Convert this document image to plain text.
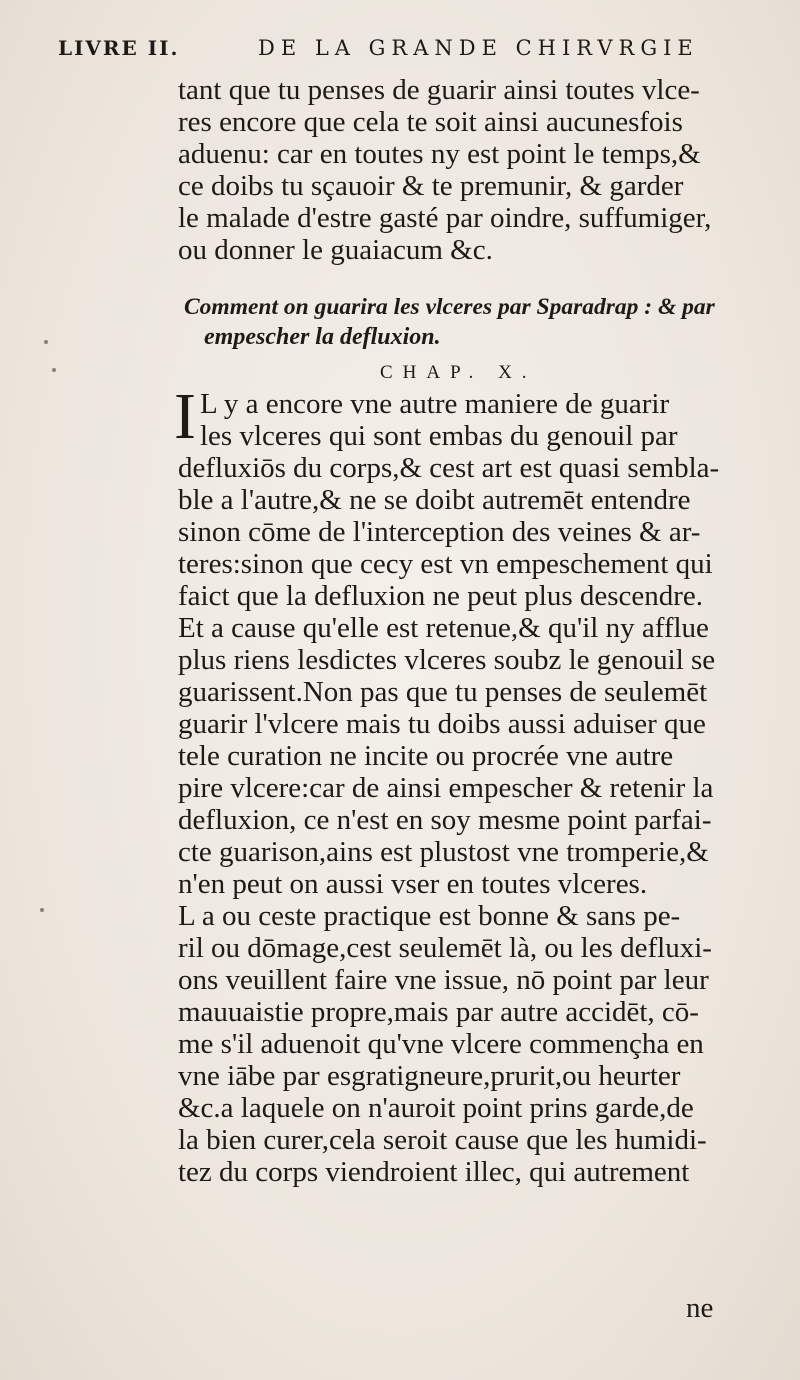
LIVRE II.	DE LA GRANDE CHIRVRGIE
tant que tu penses de guarir ainsi toutes vlce-
res encore que cela te soit ainsi aucunesfois
aduenu: car en toutes ny est point le temps,&
ce doibs tu sçauoir & te premunir, & garder
le malade d'estre gasté par oindre, suffumiger,
ou donner le guaiacum &c.
Comment on guarira les vlceres par Sparadrap : & par
empescher la defluxion.
CHAP. X.
I L y a encore vne autre maniere de guarir
les vlceres qui sont embas du genouil par
defluxiōs du corps,& cest art est quasi sembla-
ble a l'autre,& ne se doibt autremēt entendre
sinon cōme de l'interception des veines & ar-
teres:sinon que cecy est vn empeschement qui
faict que la defluxion ne peut plus descendre.
Et a cause qu'elle est retenue,& qu'il ny afflue
plus riens lesdictes vlceres soubz le genouil se
guarissent.Non pas que tu penses de seulemēt
guarir l'vlcere mais tu doibs aussi aduiser que
tele curation ne incite ou procrée vne autre
pire vlcere:car de ainsi empescher & retenir la
defluxion, ce n'est en soy mesme point parfai-
cte guarison,ains est plustost vne tromperie,&
n'en peut on aussi vser en toutes vlceres.
L a ou ceste practique est bonne & sans pe-
ril ou dōmage,cest seulemēt là, ou les defluxi-
ons veuillent faire vne issue, nō point par leur
mauuaistie propre,mais par autre accidēt, cō-
me s'il aduenoit qu'vne vlcere commençha en
vne iābe par esgratigneure,prurit,ou heurter
&c.a laquele on n'auroit point prins garde,de
la bien curer,cela seroit cause que les humidi-
tez du corps viendroient illec, qui autrement
ne
